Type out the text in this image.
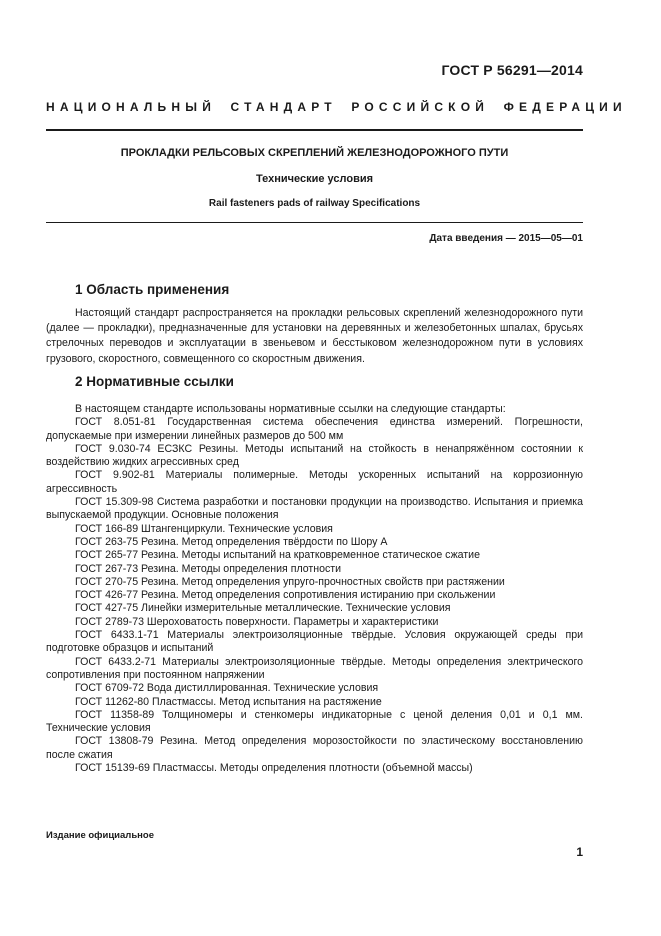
ГОСТ Р 56291—2014
НАЦИОНАЛЬНЫЙ СТАНДАРТ РОССИЙСКОЙ ФЕДЕРАЦИИ
ПРОКЛАДКИ РЕЛЬСОВЫХ СКРЕПЛЕНИЙ ЖЕЛЕЗНОДОРОЖНОГО ПУТИ
Технические условия
Rail fasteners pads of railway Specifications
Дата введения — 2015—05—01
1 Область применения

Настоящий стандарт распространяется на прокладки рельсовых скреплений железнодорожного пути (далее — прокладки), предназначенные для установки на деревянных и железобетонных шпалах, брусьях стрелочных переводов и эксплуатации в звеньевом и бесстыковом железнодорожном пути в условиях грузового, скоростного, совмещенного со скоростным движения.

2 Нормативные ссылки

В настоящем стандарте использованы нормативные ссылки на следующие стандарты:

ГОСТ 8.051-81 Государственная система обеспечения единства измерений. Погрешности, допускаемые при измерении линейных размеров до 500 мм

ГОСТ 9.030-74 ЕСЗКС Резины. Методы испытаний на стойкость в ненапряжённом состоянии к воздействию жидких агрессивных сред

ГОСТ 9.902-81 Материалы полимерные. Методы ускоренных испытаний на коррозионную агрессивность

ГОСТ 15.309-98 Система разработки и постановки продукции на производство. Испытания и приемка выпускаемой продукции. Основные положения

ГОСТ 166-89 Штангенциркули. Технические условия

ГОСТ 263-75 Резина. Метод определения твёрдости по Шору А

ГОСТ 265-77 Резина. Методы испытаний на кратковременное статическое сжатие

ГОСТ 267-73 Резина. Методы определения плотности

ГОСТ 270-75 Резина. Метод определения упруго-прочностных свойств при растяжении

ГОСТ 426-77 Резина. Метод определения сопротивления истиранию при скольжении

ГОСТ 427-75 Линейки измерительные металлические. Технические условия

ГОСТ 2789-73 Шероховатость поверхности. Параметры и характеристики

ГОСТ 6433.1-71 Материалы электроизоляционные твёрдые. Условия окружающей среды при подготовке образцов и испытаний

ГОСТ 6433.2-71 Материалы электроизоляционные твёрдые. Методы определения электрического сопротивления при постоянном напряжении

ГОСТ 6709-72 Вода дистиллированная. Технические условия

ГОСТ 11262-80 Пластмассы. Метод испытания на растяжение

ГОСТ 11358-89 Толщиномеры и стенкомеры индикаторные с ценой деления 0,01 и 0,1 мм. Технические условия

ГОСТ 13808-79 Резина. Метод определения морозостойкости по эластическому восстановлению после сжатия

ГОСТ 15139-69 Пластмассы. Методы определения плотности (объемной массы)

Издание официальное
1
